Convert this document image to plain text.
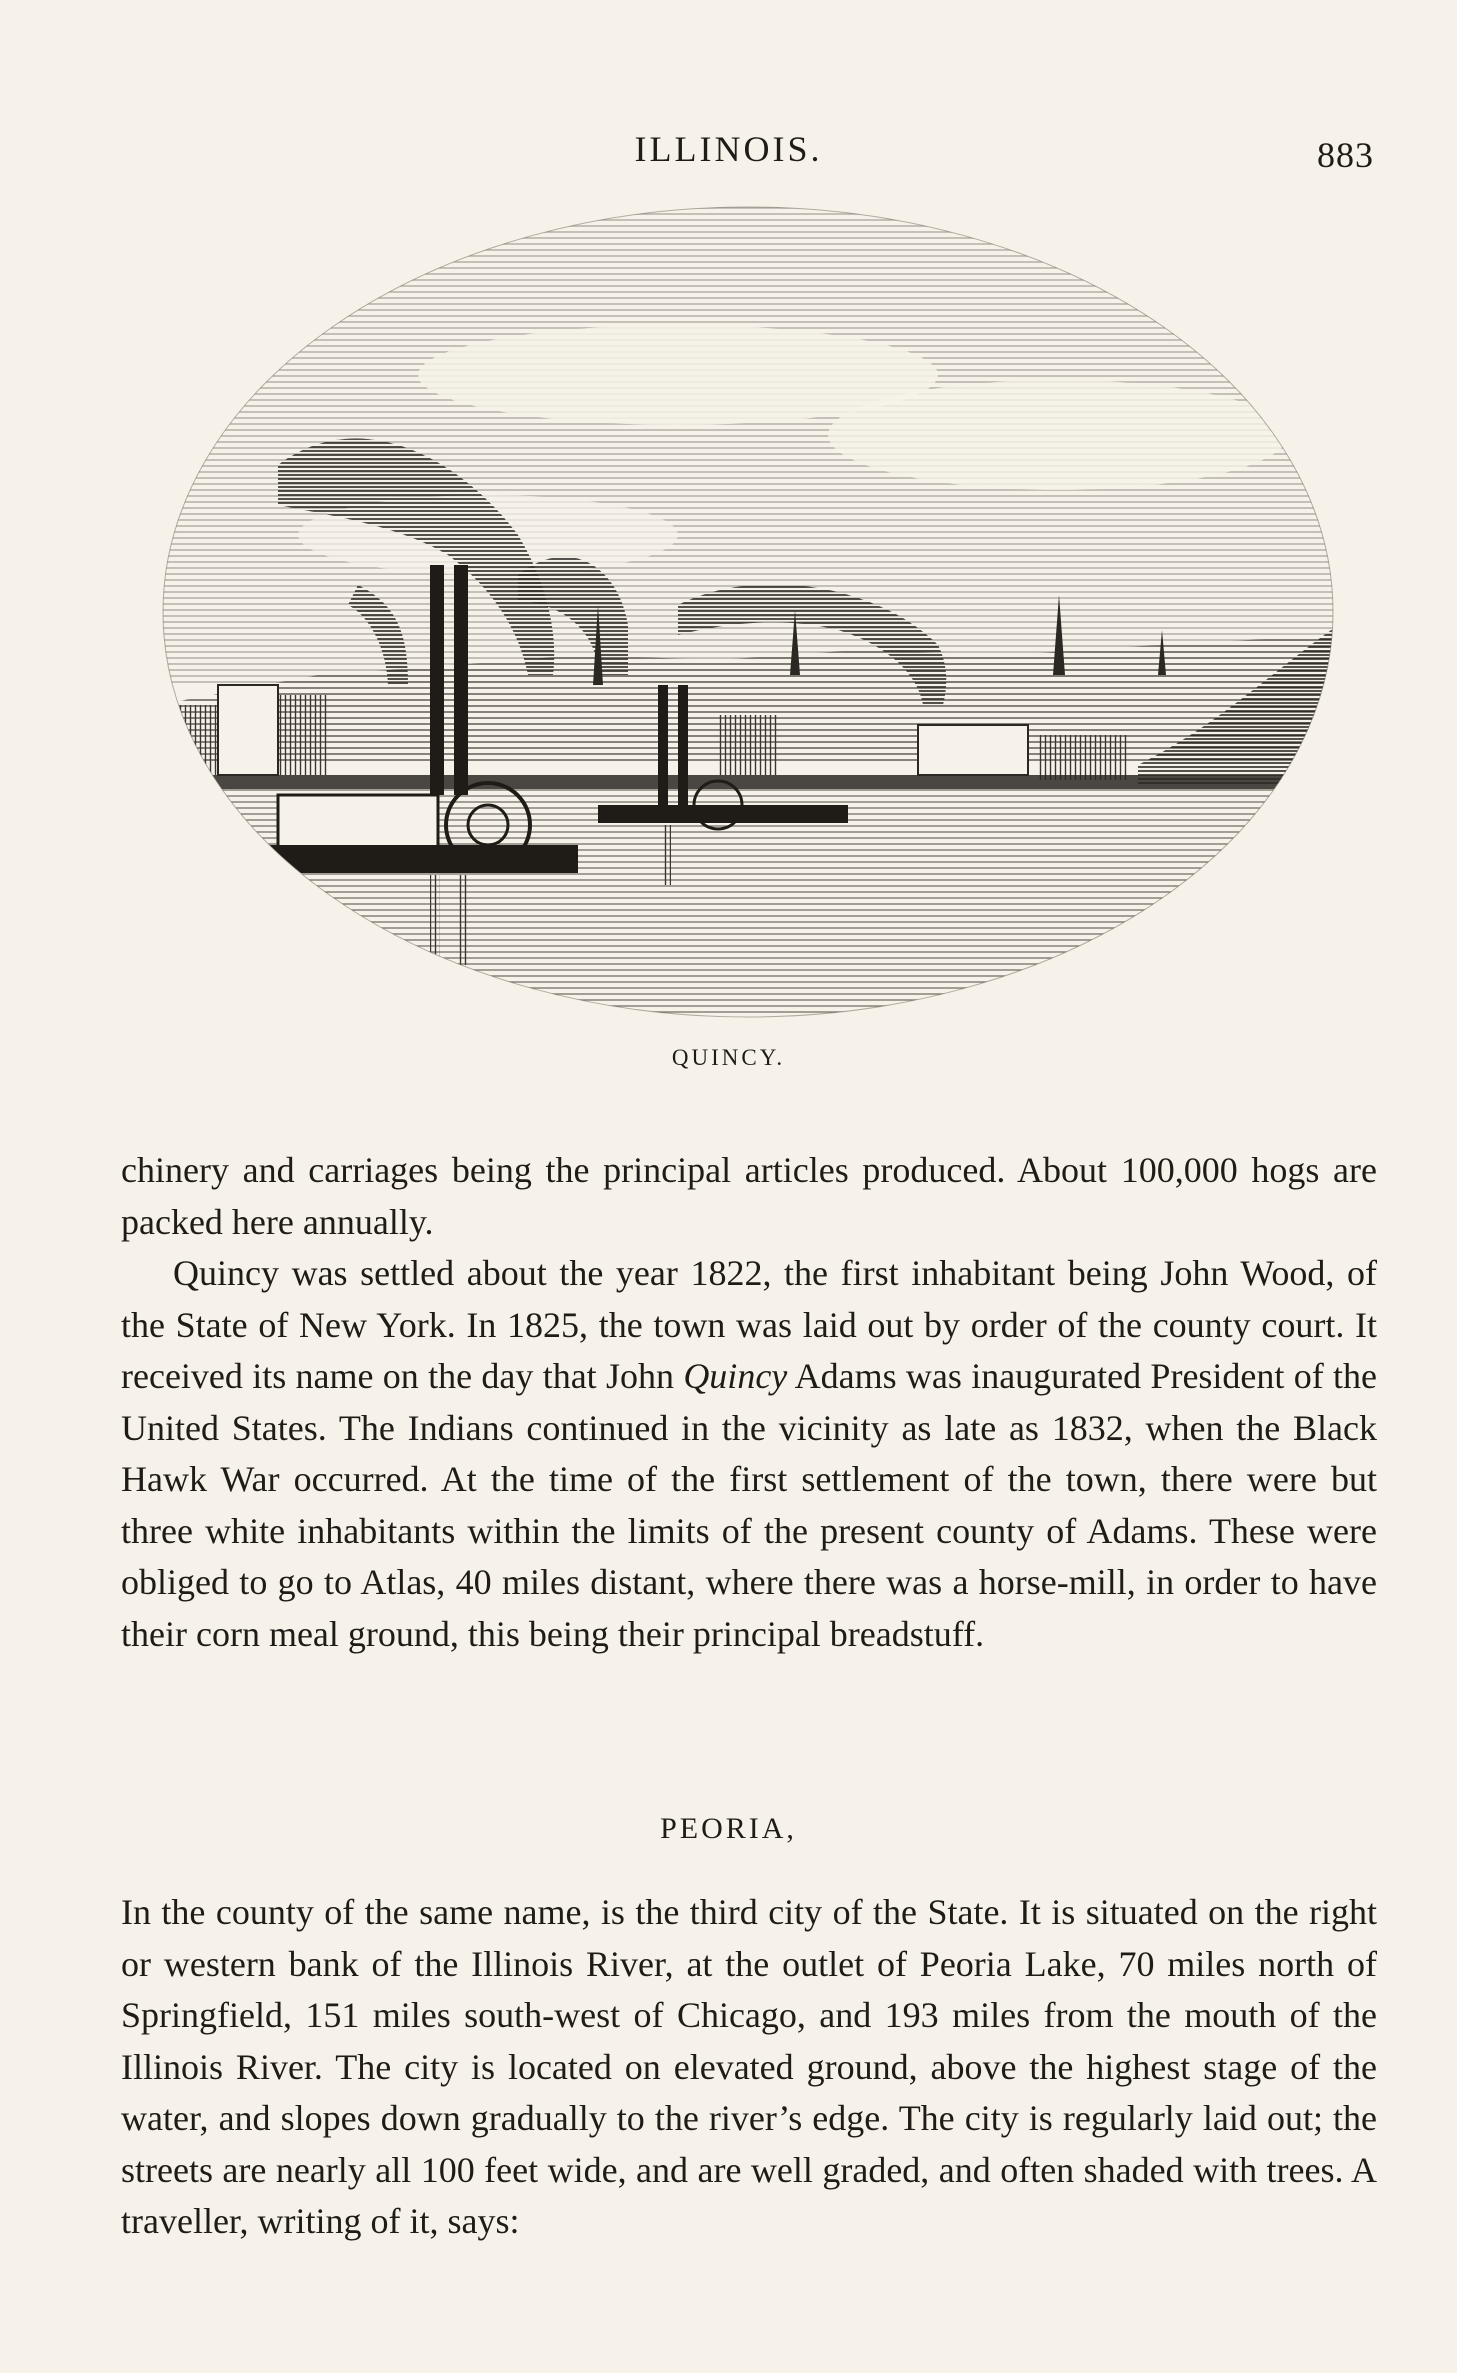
ILLINOIS.	883
QUINCY.

chinery and carriages being the principal articles produced. About 100,000 hogs are packed here annually.

Quincy was settled about the year 1822, the first inhabitant being John Wood, of the State of New York. In 1825, the town was laid out by order of the county court. It received its name on the day that John Quincy Adams was inaugurated President of the United States. The Indians continued in the vicinity as late as 1832, when the Black Hawk War occurred. At the time of the first settlement of the town, there were but three white inhabitants within the limits of the present county of Adams. These were obliged to go to Atlas, 40 miles distant, where there was a horse-mill, in order to have their corn meal ground, this being their principal breadstuff.

PEORIA,

In the county of the same name, is the third city of the State. It is situated on the right or western bank of the Illinois River, at the outlet of Peoria Lake, 70 miles north of Springfield, 151 miles south-west of Chicago, and 193 miles from the mouth of the Illinois River. The city is located on elevated ground, above the highest stage of the water, and slopes down gradually to the river’s edge. The city is regularly laid out; the streets are nearly all 100 feet wide, and are well graded, and often shaded with trees. A traveller, writing of it, says:
